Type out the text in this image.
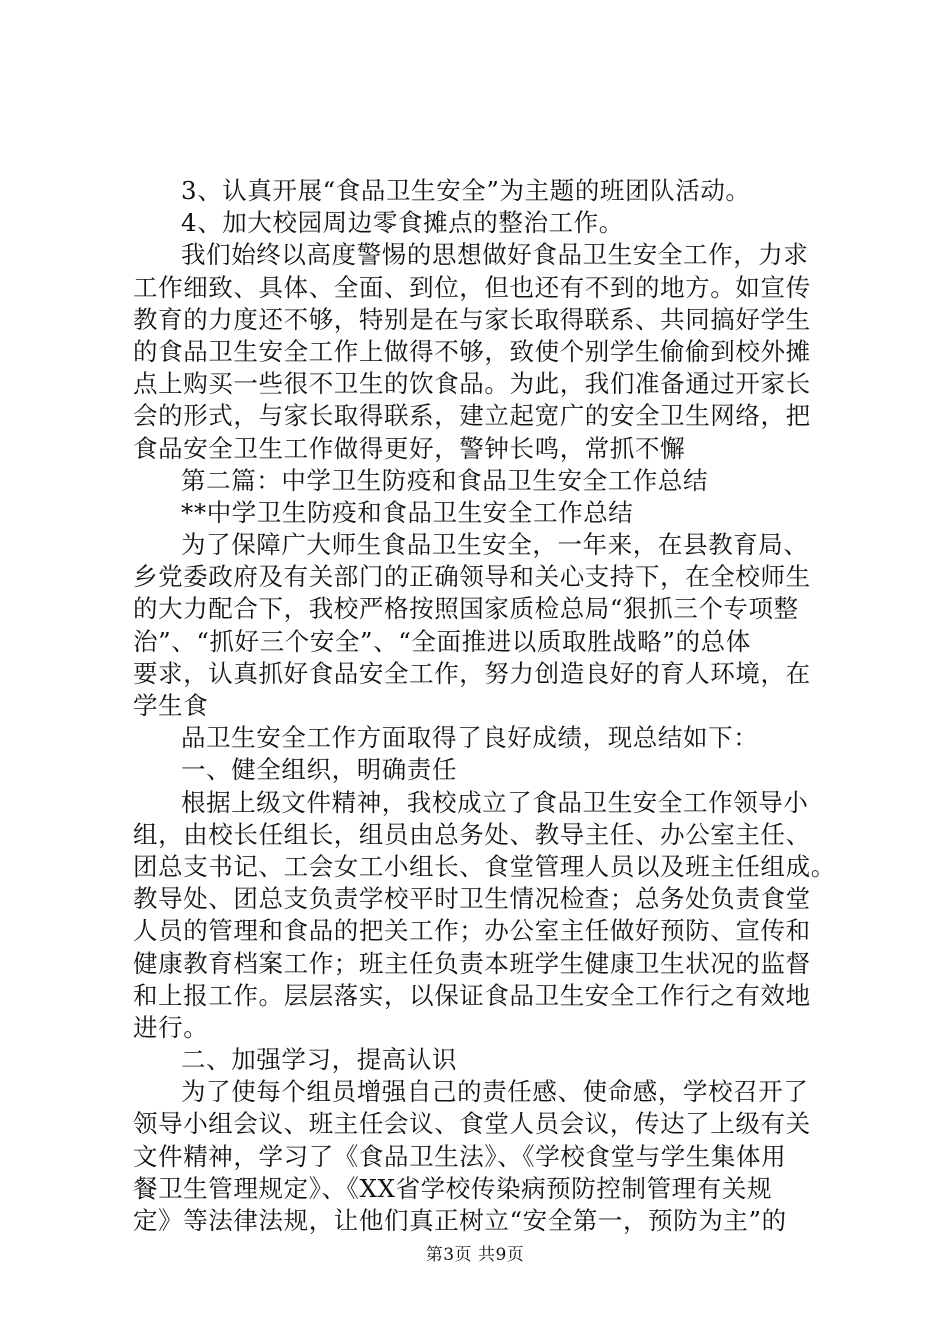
3、认真开展“食品卫生安全”为主题的班团队活动。
4、加大校园周边零食摊点的整治工作。
我们始终以高度警惕的思想做好食品卫生安全工作，力求
工作细致、具体、全面、到位，但也还有不到的地方。如宣传
教育的力度还不够，特别是在与家长取得联系、共同搞好学生
的食品卫生安全工作上做得不够，致使个别学生偷偷到校外摊
点上购买一些很不卫生的饮食品。为此，我们准备通过开家长
会的形式，与家长取得联系，建立起宽广的安全卫生网络，把
食品安全卫生工作做得更好，警钟长鸣，常抓不懈
第二篇：中学卫生防疫和食品卫生安全工作总结
**中学卫生防疫和食品卫生安全工作总结
为了保障广大师生食品卫生安全，一年来，在县教育局、
乡党委政府及有关部门的正确领导和关心支持下，在全校师生
的大力配合下，我校严格按照国家质检总局“狠抓三个专项整
治”、“抓好三个安全”、“全面推进以质取胜战略”的总体
要求，认真抓好食品安全工作，努力创造良好的育人环境，在
学生食
品卫生安全工作方面取得了良好成绩，现总结如下：
一、健全组织，明确责任
根据上级文件精神，我校成立了食品卫生安全工作领导小
组，由校长任组长，组员由总务处、教导主任、办公室主任、
团总支书记、工会女工小组长、食堂管理人员以及班主任组成。
教导处、团总支负责学校平时卫生情况检查；总务处负责食堂
人员的管理和食品的把关工作；办公室主任做好预防、宣传和
健康教育档案工作；班主任负责本班学生健康卫生状况的监督
和上报工作。层层落实，以保证食品卫生安全工作行之有效地
进行。
二、加强学习，提高认识
为了使每个组员增强自己的责任感、使命感，学校召开了
领导小组会议、班主任会议、食堂人员会议，传达了上级有关
文件精神，学习了《食品卫生法》、《学校食堂与学生集体用
餐卫生管理规定》、《XX省学校传染病预防控制管理有关规
定》等法律法规，让他们真正树立“安全第一，预防为主”的
第3页 共9页
